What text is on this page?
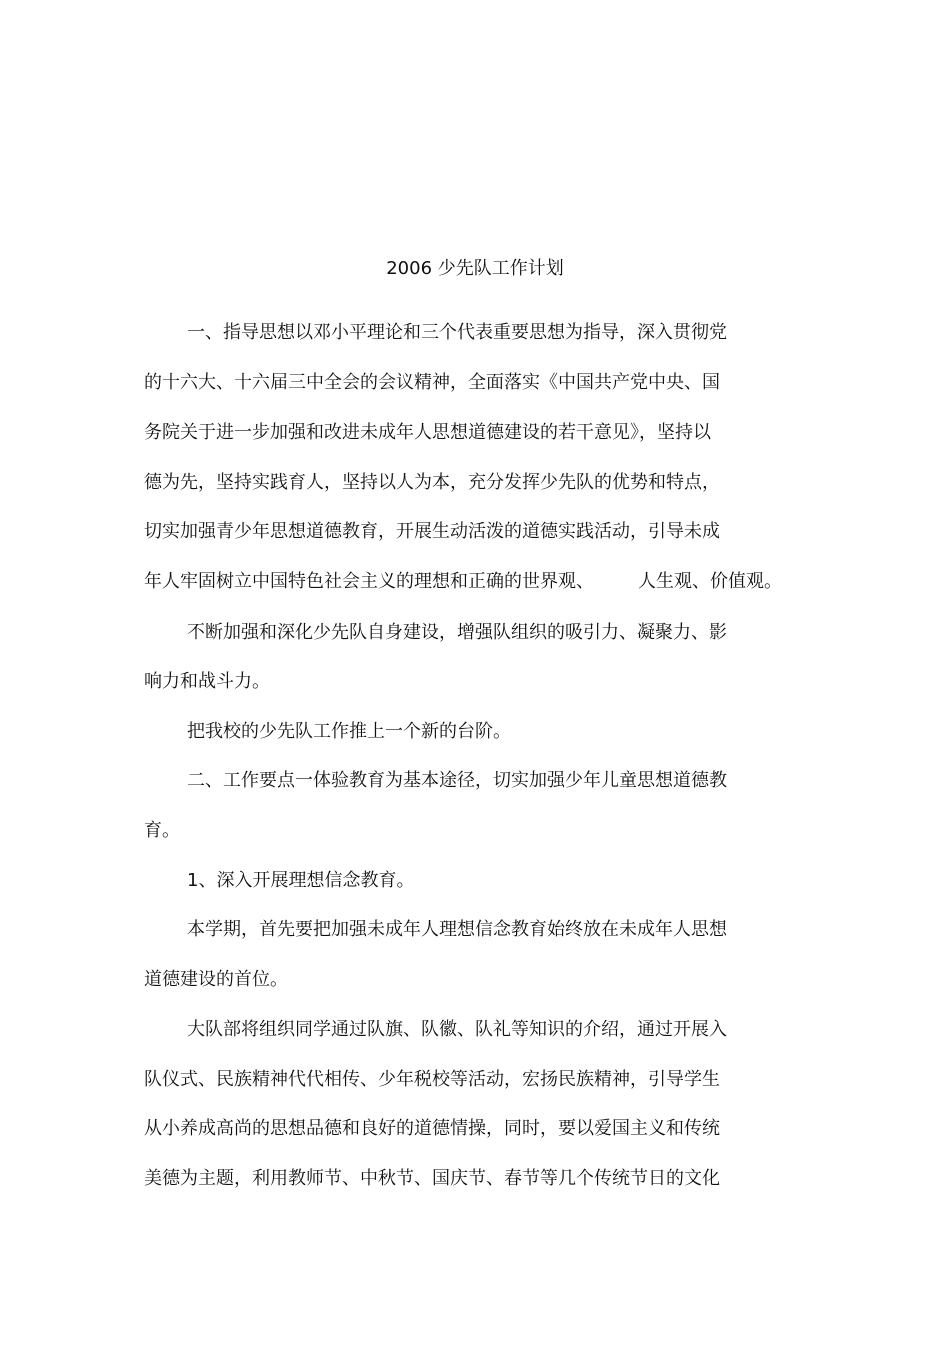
2006 少先队工作计划
一、指导思想以邓小平理论和三个代表重要思想为指导，深入贯彻党
的十六大、十六届三中全会的会议精神，全面落实《中国共产党中央、国
务院关于进一步加强和改进未成年人思想道德建设的若干意见》，坚持以
德为先，坚持实践育人，坚持以人为本，充分发挥少先队的优势和特点，
切实加强青少年思想道德教育，开展生动活泼的道德实践活动，引导未成
年人牢固树立中国特色社会主义的理想和正确的世界观、 人生观、价值观。
不断加强和深化少先队自身建设，增强队组织的吸引力、凝聚力、影
响力和战斗力。
把我校的少先队工作推上一个新的台阶。
二、工作要点一体验教育为基本途径，切实加强少年儿童思想道德教
育。
1、深入开展理想信念教育。
本学期，首先要把加强未成年人理想信念教育始终放在未成年人思想
道德建设的首位。
大队部将组织同学通过队旗、队徽、队礼等知识的介绍，通过开展入
队仪式、民族精神代代相传、少年税校等活动，宏扬民族精神，引导学生
从小养成高尚的思想品德和良好的道德情操，同时，要以爱国主义和传统
美德为主题，利用教师节、中秋节、国庆节、春节等几个传统节日的文化
